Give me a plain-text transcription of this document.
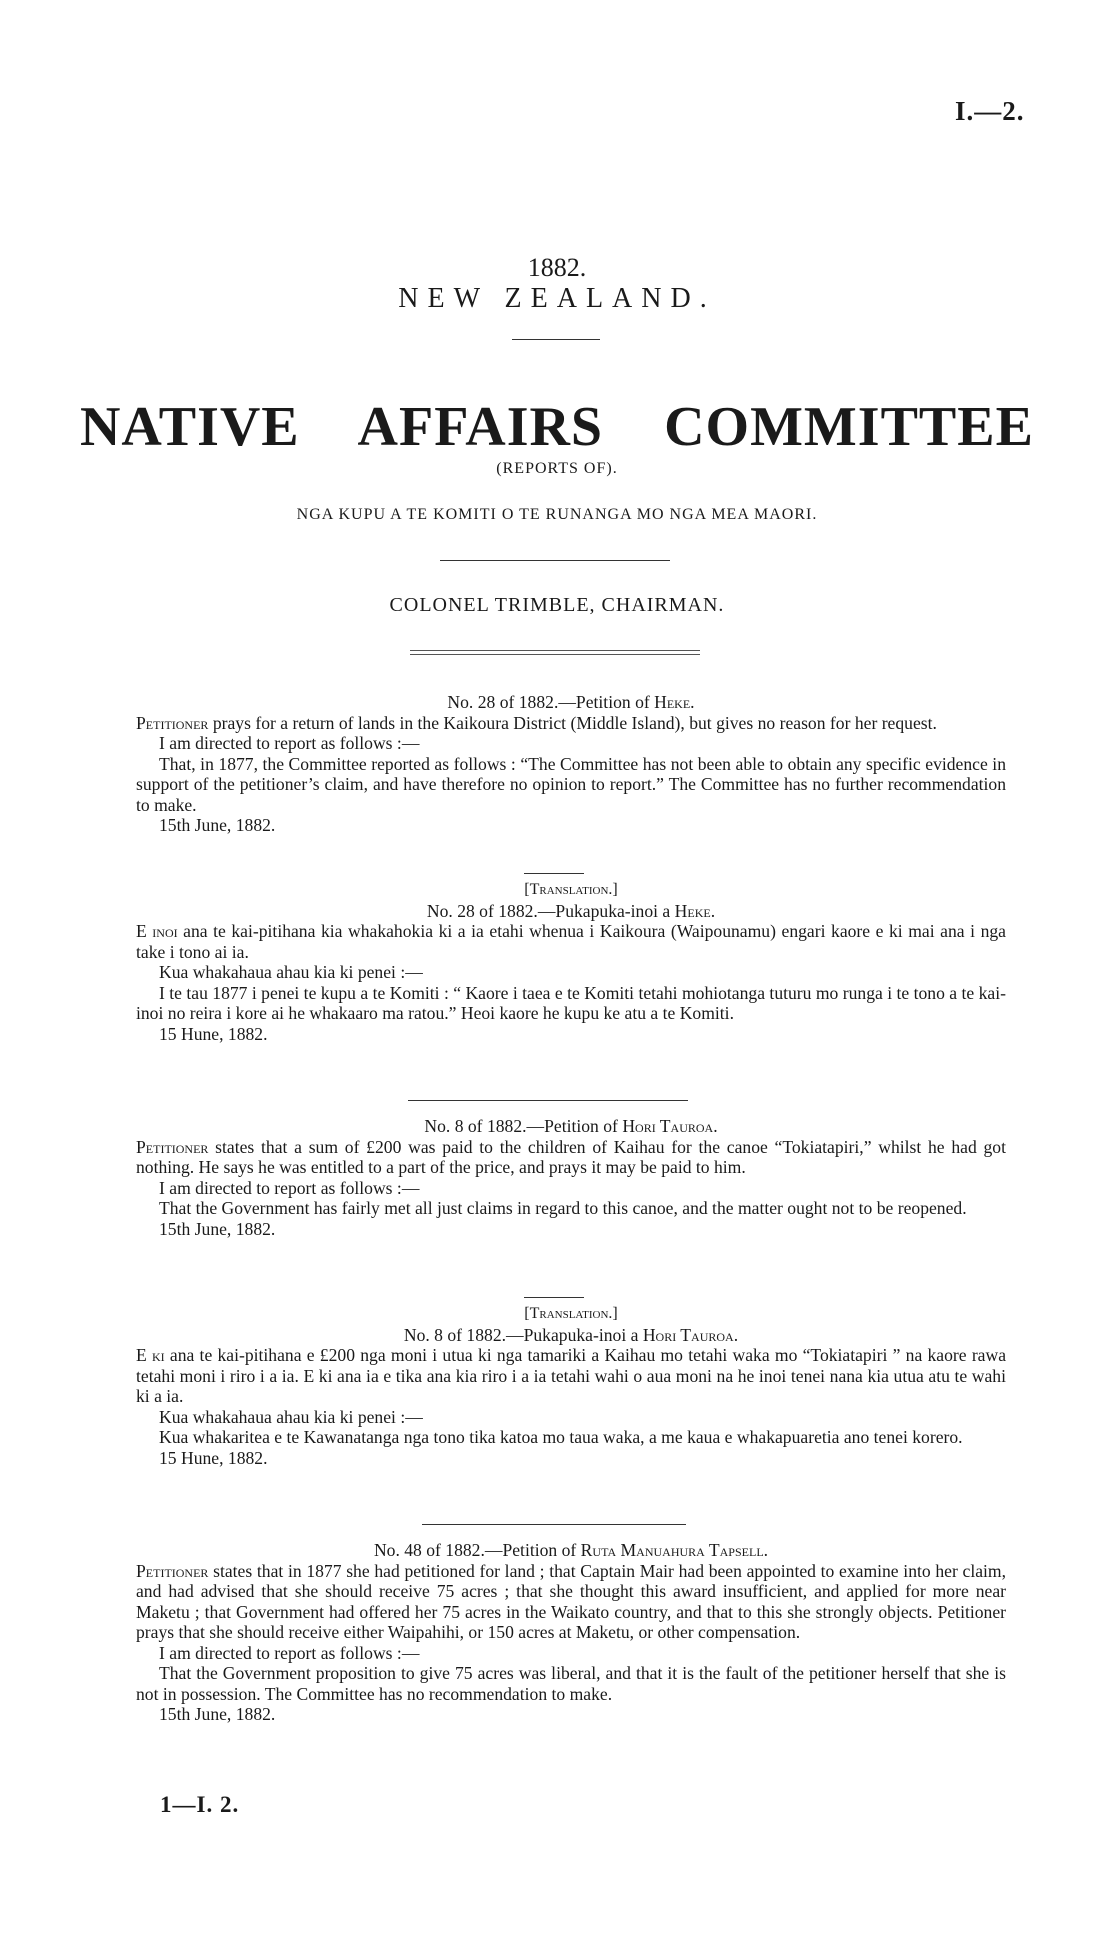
I.—2.
1882.
NEW ZEALAND.
NATIVE AFFAIRS COMMITTEE
(REPORTS OF).
NGA KUPU A TE KOMITI O TE RUNANGA MO NGA MEA MAORI.
COLONEL TRIMBLE, CHAIRMAN.
No. 28 of 1882.—Petition of Heke.
Petitioner prays for a return of lands in the Kaikoura District (Middle Island), but gives no reason for her request.
I am directed to report as follows :—
That, in 1877, the Committee reported as follows : “The Committee has not been able to obtain any specific evidence in support of the petitioner’s claim, and have therefore no opinion to report.” The Committee has no further recommendation to make.
15th June, 1882.
[Translation.]
No. 28 of 1882.—Pukapuka-inoi a Heke.
E inoi ana te kai-pitihana kia whakahokia ki a ia etahi whenua i Kaikoura (Waipounamu) engari kaore e ki mai ana i nga take i tono ai ia.
Kua whakahaua ahau kia ki penei :—
I te tau 1877 i penei te kupu a te Komiti : “ Kaore i taea e te Komiti tetahi mohiotanga tuturu mo runga i te tono a te kai-inoi no reira i kore ai he whakaaro ma ratou.” Heoi kaore he kupu ke atu a te Komiti.
15 Hune, 1882.
No. 8 of 1882.—Petition of Hori Tauroa.
Petitioner states that a sum of £200 was paid to the children of Kaihau for the canoe “Tokiatapiri,” whilst he had got nothing. He says he was entitled to a part of the price, and prays it may be paid to him.
I am directed to report as follows :—
That the Government has fairly met all just claims in regard to this canoe, and the matter ought not to be reopened.
15th June, 1882.
[Translation.]
No. 8 of 1882.—Pukapuka-inoi a Hori Tauroa.
E ki ana te kai-pitihana e £200 nga moni i utua ki nga tamariki a Kaihau mo tetahi waka mo “Tokiatapiri ” na kaore rawa tetahi moni i riro i a ia. E ki ana ia e tika ana kia riro i a ia tetahi wahi o aua moni na he inoi tenei nana kia utua atu te wahi ki a ia.
Kua whakahaua ahau kia ki penei :—
Kua whakaritea e te Kawanatanga nga tono tika katoa mo taua waka, a me kaua e whakapuaretia ano tenei korero.
15 Hune, 1882.
No. 48 of 1882.—Petition of Ruta Manuahura Tapsell.
Petitioner states that in 1877 she had petitioned for land ; that Captain Mair had been appointed to examine into her claim, and had advised that she should receive 75 acres ; that she thought this award insufficient, and applied for more near Maketu ; that Government had offered her 75 acres in the Waikato country, and that to this she strongly objects. Petitioner prays that she should receive either Waipahihi, or 150 acres at Maketu, or other compensation.
I am directed to report as follows :—
That the Government proposition to give 75 acres was liberal, and that it is the fault of the petitioner herself that she is not in possession. The Committee has no recommendation to make.
15th June, 1882.
1—I. 2.
